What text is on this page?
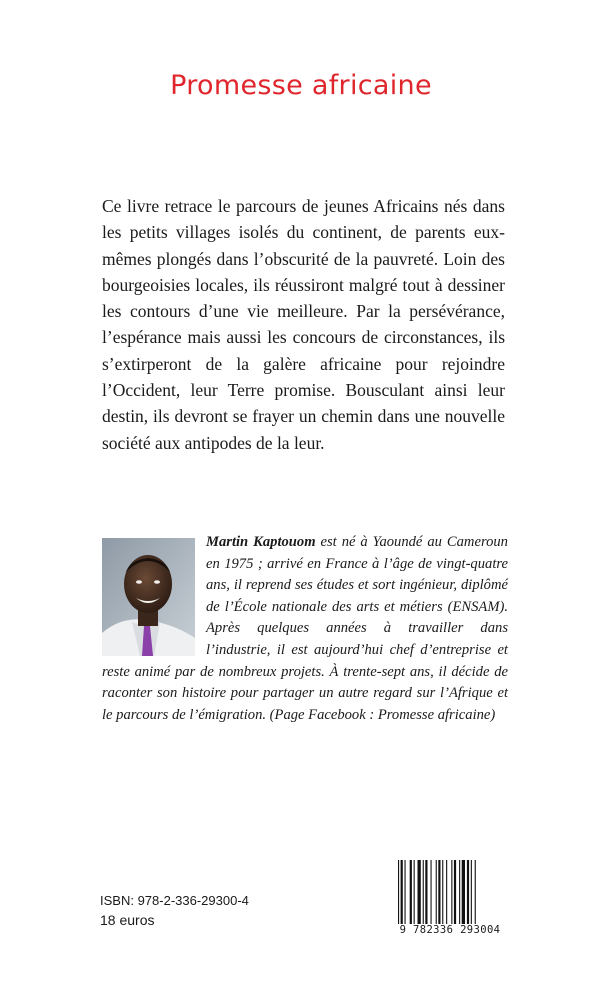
Promesse africaine

Ce livre retrace le parcours de jeunes Africains nés dans les petits villages isolés du continent, de parents eux-mêmes plongés dans l’obscurité de la pauvreté. Loin des bourgeoisies locales, ils réussiront malgré tout à dessiner les contours d’une vie meilleure. Par la persévérance, l’espérance mais aussi les concours de circonstances, ils s’extirperont de la galère africaine pour rejoindre l’Occident, leur Terre promise. Bousculant ainsi leur destin, ils devront se frayer un chemin dans une nouvelle société aux antipodes de la leur.

Martin Kaptouom est né à Yaoundé au Cameroun en 1975 ; arrivé en France à l’âge de vingt-quatre ans, il reprend ses études et sort ingénieur, diplômé de l’École nationale des arts et métiers (ENSAM). Après quelques années à travailler dans l’industrie, il est aujourd’hui chef d’entreprise et reste animé par de nombreux projets. À trente-sept ans, il décide de raconter son histoire pour partager un autre regard sur l’Afrique et le parcours de l’émigration. (Page Facebook : Promesse africaine)
ISBN: 978-2-336-29300-4
18 euros
9 782336 293004
